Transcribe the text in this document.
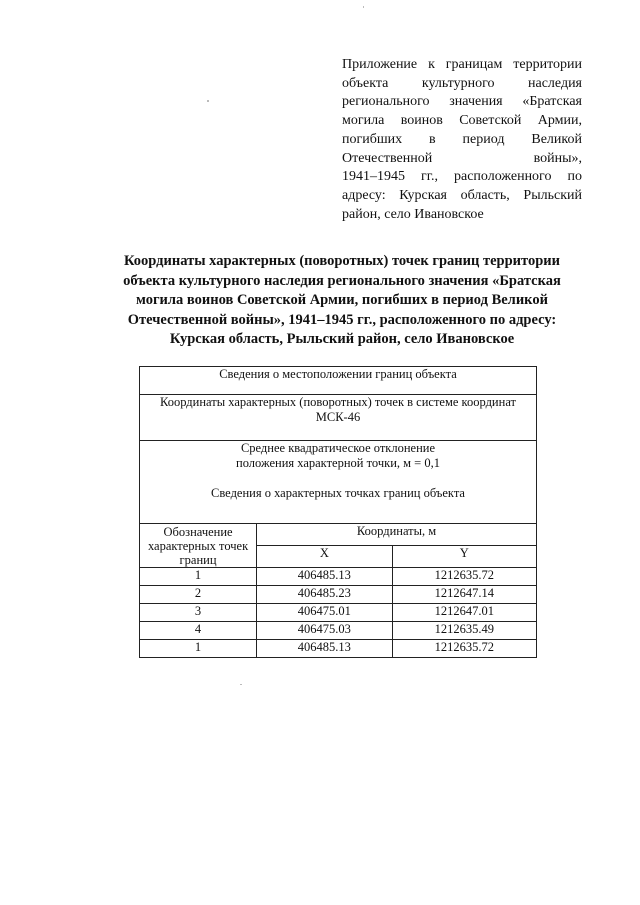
Приложение к границам территории
объекта культурного наследия
регионального значения «Братская
могила воинов Советской Армии,
погибших в период Великой
Отечественной войны»,
1941–1945 гг., расположенного по
адресу: Курская область, Рыльский
район, село Ивановское
Координаты характерных (поворотных) точек границ территории
объекта культурного наследия регионального значения «Братская
могила воинов Советской Армии, погибших в период Великой
Отечественной войны», 1941–1945 гг., расположенного по адресу:
Курская область, Рыльский район, село Ивановское
Сведения о местоположении границ объекта		

Координаты характерных (поворотных) точек в системе координат
МСК-46		

Среднее квадратическое отклонение
положения характерной точки, м = 0,1
Сведения о характерных точках границ объекта		

Обозначение
характерных точек
границ	Координаты, м	
	X	Y
1	406485.13	1212635.72
2	406485.23	1212647.14
3	406475.01	1212647.01
4	406475.03	1212635.49
1	406485.13	1212635.72
